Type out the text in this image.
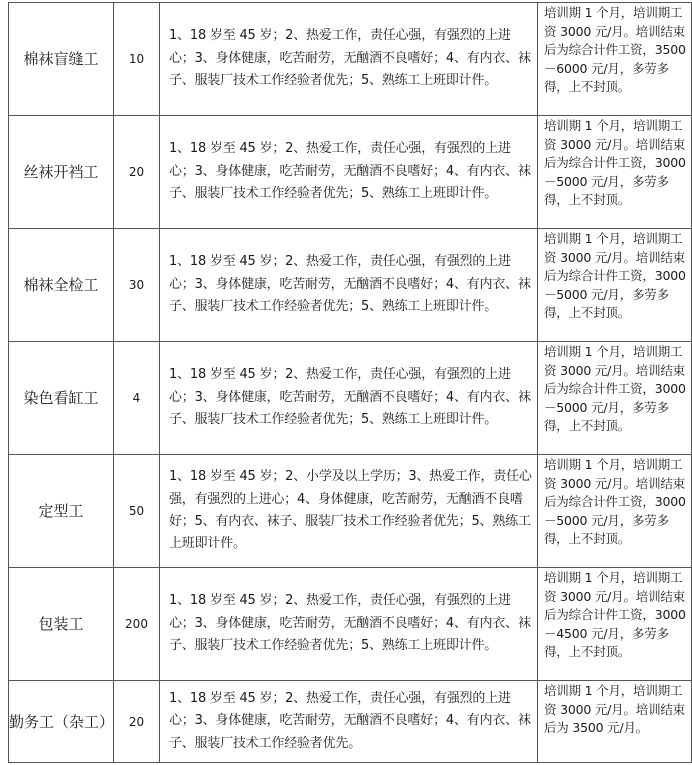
棉袜盲缝工	10	1、18 岁至 45 岁；2、热爱工作，责任心强，有强烈的上进心；3、身体健康，吃苦耐劳，无酗酒不良嗜好；4、有内衣、袜子、服装厂技术工作经验者优先；5、熟练工上班即计件。	培训期 1 个月，培训期工资 3000 元/月。培训结束后为综合计件工资，3500－6000 元/月，多劳多得，上不封顶。

丝袜开裆工	20	1、18 岁至 45 岁；2、热爱工作，责任心强，有强烈的上进心；3、身体健康，吃苦耐劳，无酗酒不良嗜好；4、有内衣、袜子、服装厂技术工作经验者优先；5、熟练工上班即计件。	培训期 1 个月，培训期工资 3000 元/月。培训结束后为综合计件工资，3000－5000 元/月，多劳多得，上不封顶。

棉袜全检工	30	1、18 岁至 45 岁；2、热爱工作，责任心强，有强烈的上进心；3、身体健康，吃苦耐劳，无酗酒不良嗜好；4、有内衣、袜子、服装厂技术工作经验者优先；5、熟练工上班即计件。	培训期 1 个月，培训期工资 3000 元/月。培训结束后为综合计件工资，3000－5000 元/月，多劳多得，上不封顶。

染色看缸工	4	1、18 岁至 45 岁；2、热爱工作，责任心强，有强烈的上进心；3、身体健康，吃苦耐劳，无酗酒不良嗜好；4、有内衣、袜子、服装厂技术工作经验者优先；5、熟练工上班即计件。	培训期 1 个月，培训期工资 3000 元/月。培训结束后为综合计件工资，3000－5000 元/月，多劳多得，上不封顶。

定型工	50	1、18 岁至 45 岁；2、小学及以上学历；3、热爱工作，责任心强，有强烈的上进心；4、身体健康，吃苦耐劳，无酗酒不良嗜好；5、有内衣、袜子、服装厂技术工作经验者优先；5、熟练工上班即计件。	培训期 1 个月，培训期工资 3000 元/月。培训结束后为综合计件工资，3000－5000 元/月，多劳多得，上不封顶。

包装工	200	1、18 岁至 45 岁；2、热爱工作，责任心强，有强烈的上进心；3、身体健康，吃苦耐劳，无酗酒不良嗜好；4、有内衣、袜子、服装厂技术工作经验者优先；5、熟练工上班即计件。	培训期 1 个月，培训期工资 3000 元/月。培训结束后为综合计件工资，3000－4500 元/月，多劳多得，上不封顶。

勤务工（杂工）	20	1、18 岁至 45 岁；2、热爱工作，责任心强，有强烈的上进心；3、身体健康，吃苦耐劳，无酗酒不良嗜好；4、有内衣、袜子、服装厂技术工作经验者优先。	培训期 1 个月，培训期工资 3000 元/月。培训结束后为 3500 元/月。
